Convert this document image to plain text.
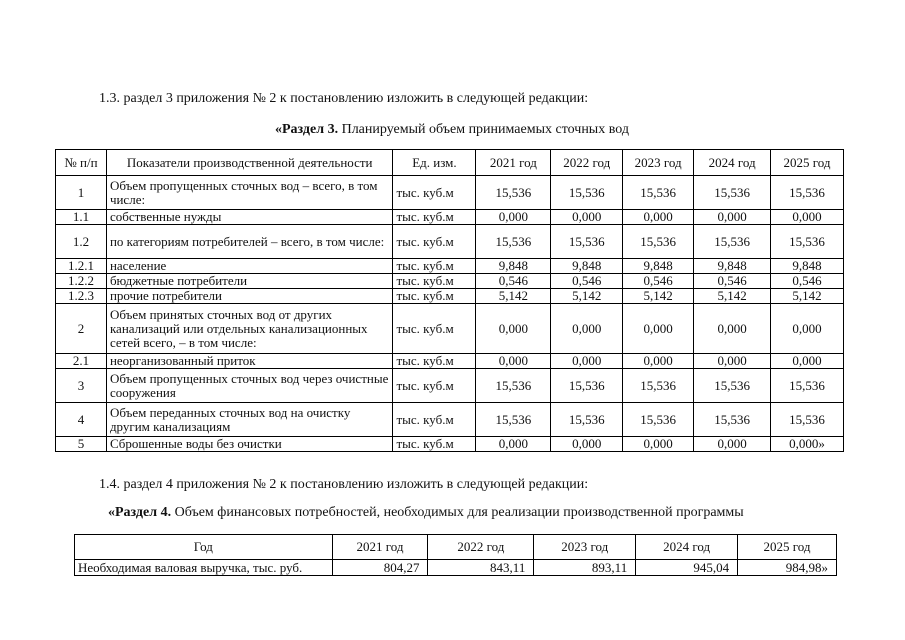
1.3. раздел 3 приложения № 2 к постановлению изложить в следующей редакции:
«Раздел 3. Планируемый объем принимаемых сточных вод
№ п/п	Показатели производственной деятельности	Ед. изм.	2021 год	2022 год	2023 год	2024 год	2025 год
1	Объем пропущенных сточных вод – всего, в том числе:	тыс. куб.м	15,536	15,536	15,536	15,536	15,536
1.1	собственные нужды	тыс. куб.м	0,000	0,000	0,000	0,000	0,000
1.2	по категориям потребителей – всего, в том числе:	тыс. куб.м	15,536	15,536	15,536	15,536	15,536
1.2.1	население	тыс. куб.м	9,848	9,848	9,848	9,848	9,848
1.2.2	бюджетные потребители	тыс. куб.м	0,546	0,546	0,546	0,546	0,546
1.2.3	прочие потребители	тыс. куб.м	5,142	5,142	5,142	5,142	5,142
2	Объем принятых сточных вод от других канализаций или отдельных канализационных сетей всего, – в том числе:	тыс. куб.м	0,000	0,000	0,000	0,000	0,000
2.1	неорганизованный приток	тыс. куб.м	0,000	0,000	0,000	0,000	0,000
3	Объем пропущенных сточных вод через очистные сооружения	тыс. куб.м	15,536	15,536	15,536	15,536	15,536
4	Объем переданных сточных вод на очистку другим канализациям	тыс. куб.м	15,536	15,536	15,536	15,536	15,536
5	Сброшенные воды без очистки	тыс. куб.м	0,000	0,000	0,000	0,000	0,000»
1.4. раздел 4 приложения № 2 к постановлению изложить в следующей редакции:
«Раздел 4. Объем финансовых потребностей, необходимых для реализации производственной программы
Год	2021 год	2022 год	2023 год	2024 год	2025 год
Необходимая валовая выручка, тыс. руб.	804,27	843,11	893,11	945,04	984,98»
